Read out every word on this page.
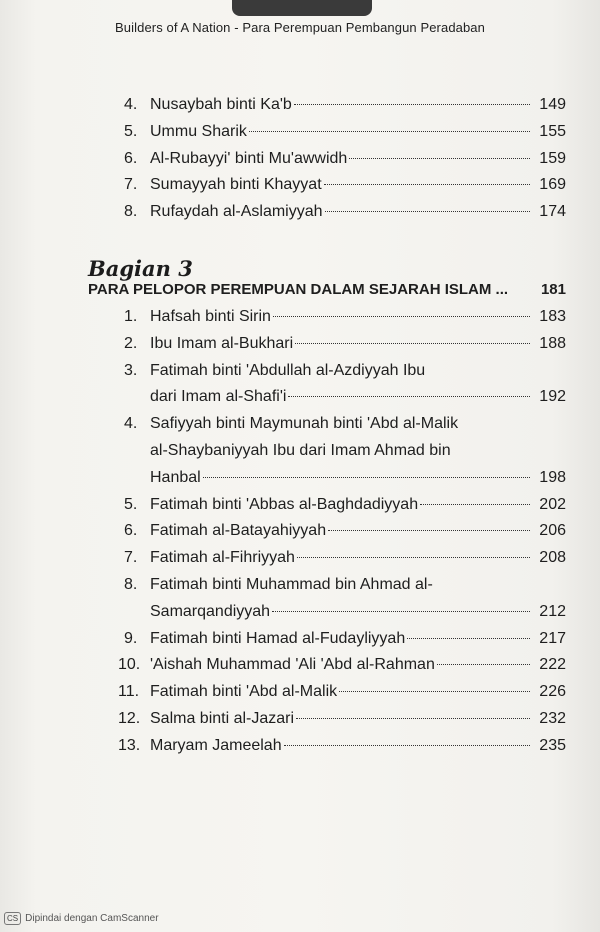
Builders of A Nation - Para Perempuan Pembangun Peradaban
4. Nusaybah binti Ka'b	149
5. Ummu Sharik	155
6. Al-Rubayyi' binti Mu'awwidh	159
7. Sumayyah binti Khayyat	169
8. Rufaydah al-Aslamiyyah	174
Bagian 3
PARA PELOPOR PEREMPUAN DALAM SEJARAH ISLAM ...	181
1. Hafsah binti Sirin	183
2. Ibu Imam al-Bukhari	188
3. Fatimah binti 'Abdullah al-Azdiyyah Ibu
dari Imam al-Shafi'i	192
4. Safiyyah binti Maymunah binti 'Abd al-Malik
al-Shaybaniyyah Ibu dari Imam Ahmad bin
Hanbal	198
5. Fatimah binti 'Abbas al-Baghdadiyyah	202
6. Fatimah al-Batayahiyyah	206
7. Fatimah al-Fihriyyah	208
8. Fatimah binti Muhammad bin Ahmad al-
Samarqandiyyah	212
9. Fatimah binti Hamad al-Fudayliyyah	217
10. 'Aishah Muhammad 'Ali 'Abd al-Rahman	222
11. Fatimah binti 'Abd al-Malik	226
12. Salma binti al-Jazari	232
13. Maryam Jameelah	235
CS Dipindai dengan CamScanner
